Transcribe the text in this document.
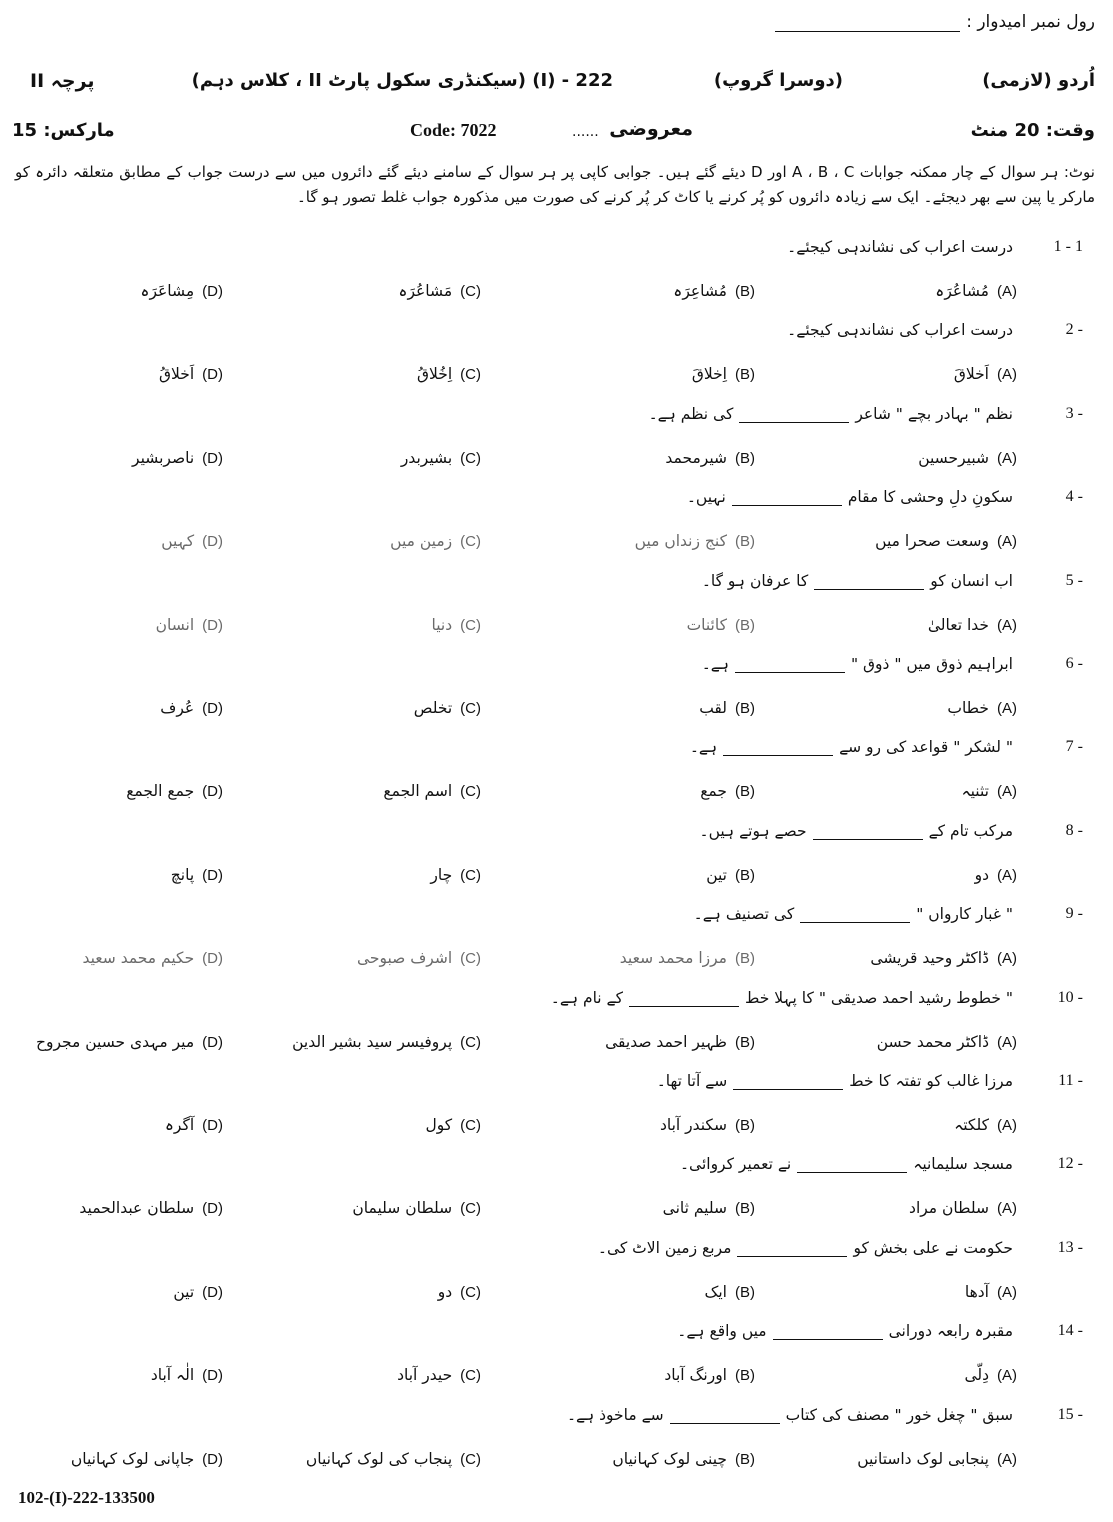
رول نمبر امیدوار :
اُردو (لازمی)
(دوسرا گروپ)
222 - (I) (سیکنڈری سکول پارٹ II ، کلاس دہم)
پرچہ II
وقت: 20 منٹ
معروضی
......
Code: 7022
مارکس: 15
نوٹ: ہر سوال کے چار ممکنہ جوابات A ، B ، C اور D دیئے گئے ہیں۔ جوابی کاپی پر ہر سوال کے سامنے دیئے گئے دائروں میں سے درست جواب کے مطابق متعلقہ دائرہ کو مارکر یا پین سے بھر دیجئے۔ ایک سے زیادہ دائروں کو پُر کرنے یا کاٹ کر پُر کرنے کی صورت میں مذکورہ جواب غلط تصور ہو گا۔
1 - 1
درست اعراب کی نشاندہی کیجئے۔
(A)مُشاعُرَہ
(B)مُشاعِرَہ
(C)مَشاعُرَہ
(D)مِشاعَرَہ
2 -
درست اعراب کی نشاندہی کیجئے۔
(A)اَخلاقَ
(B)اِخلاقَ
(C)اِخُلاقُ
(D)اَخلاقُ
3 -
نظم " بہادر بچے " شاعرکی نظم ہے۔
(A)شبیرحسین
(B)شیرمحمد
(C)بشیربدر
(D)ناصربشیر
4 -
سکونِ دلِ وحشی کا مقامنہیں۔
(A)وسعت صحرا میں
(B)کنج زنداں میں
(C)زمین میں
(D)کہیں
5 -
اب انسان کوکا عرفان ہو گا۔
(A)خدا تعالیٰ
(B)کائنات
(C)دنیا
(D)انسان
6 -
ابراہیم ذوق میں " ذوق "ہے۔
(A)خطاب
(B)لقب
(C)تخلص
(D)عُرف
7 -
" لشکر " قواعد کی رو سےہے۔
(A)تثنیہ
(B)جمع
(C)اسم الجمع
(D)جمع الجمع
8 -
مرکب تام کےحصے ہوتے ہیں۔
(A)دو
(B)تین
(C)چار
(D)پانچ
9 -
" غبار کارواں "کی تصنیف ہے۔
(A)ڈاکٹر وحید قریشی
(B)مرزا محمد سعید
(C)اشرف صبوحی
(D)حکیم محمد سعید
10 -
" خطوط رشید احمد صدیقی " کا پہلا خطکے نام ہے۔
(A)ڈاکٹر محمد حسن
(B)ظہیر احمد صدیقی
(C)پروفیسر سید بشیر الدین
(D)میر مہدی حسین مجروح
11 -
مرزا غالب کو تفتہ کا خطسے آتا تھا۔
(A)کلکتہ
(B)سکندر آباد
(C)کول
(D)آگرہ
12 -
مسجد سلیمانیہنے تعمیر کروائی۔
(A)سلطان مراد
(B)سلیم ثانی
(C)سلطان سلیمان
(D)سلطان عبدالحمید
13 -
حکومت نے علی بخش کومربع زمین الاٹ کی۔
(A)آدھا
(B)ایک
(C)دو
(D)تین
14 -
مقبرہ رابعہ دورانیمیں واقع ہے۔
(A)دِلّی
(B)اورنگ آباد
(C)حیدر آباد
(D)الٰہ آباد
15 -
سبق " چغل خور " مصنف کی کتابسے ماخوذ ہے۔
(A)پنجابی لوک داستانیں
(B)چینی لوک کہانیاں
(C)پنجاب کی لوک کہانیاں
(D)جاپانی لوک کہانیاں
102-(I)-222-133500
